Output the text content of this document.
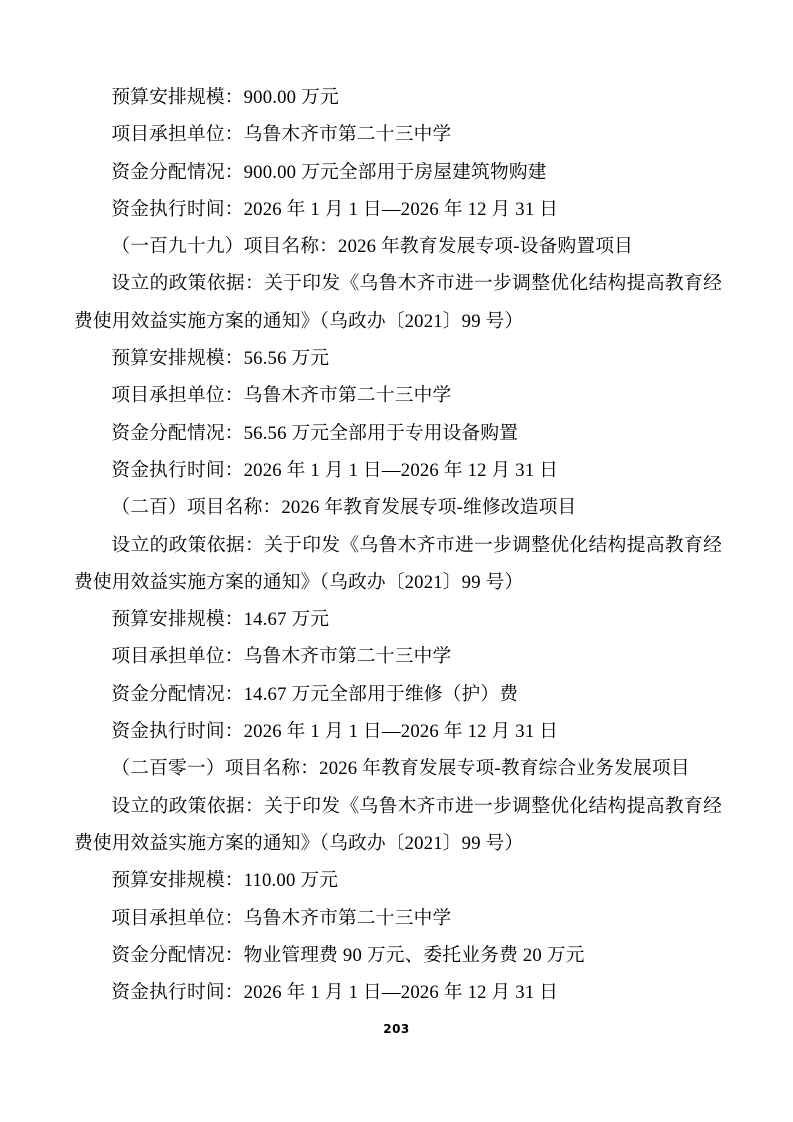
预算安排规模：900.00 万元

项目承担单位：乌鲁木齐市第二十三中学

资金分配情况：900.00 万元全部用于房屋建筑物购建

资金执行时间：2026 年 1 月 1 日—2026 年 12 月 31 日

（一百九十九）项目名称：2026 年教育发展专项-设备购置项目

设立的政策依据：关于印发《乌鲁木齐市进一步调整优化结构提高教育经费使用效益实施方案的通知》（乌政办〔2021〕99 号）

预算安排规模：56.56 万元

项目承担单位：乌鲁木齐市第二十三中学

资金分配情况：56.56 万元全部用于专用设备购置

资金执行时间：2026 年 1 月 1 日—2026 年 12 月 31 日

（二百）项目名称：2026 年教育发展专项-维修改造项目

设立的政策依据：关于印发《乌鲁木齐市进一步调整优化结构提高教育经费使用效益实施方案的通知》（乌政办〔2021〕99 号）

预算安排规模：14.67 万元

项目承担单位：乌鲁木齐市第二十三中学

资金分配情况：14.67 万元全部用于维修（护）费

资金执行时间：2026 年 1 月 1 日—2026 年 12 月 31 日

（二百零一）项目名称：2026 年教育发展专项-教育综合业务发展项目

设立的政策依据：关于印发《乌鲁木齐市进一步调整优化结构提高教育经费使用效益实施方案的通知》（乌政办〔2021〕99 号）

预算安排规模：110.00 万元

项目承担单位：乌鲁木齐市第二十三中学

资金分配情况：物业管理费 90 万元、委托业务费 20 万元

资金执行时间：2026 年 1 月 1 日—2026 年 12 月 31 日

203
